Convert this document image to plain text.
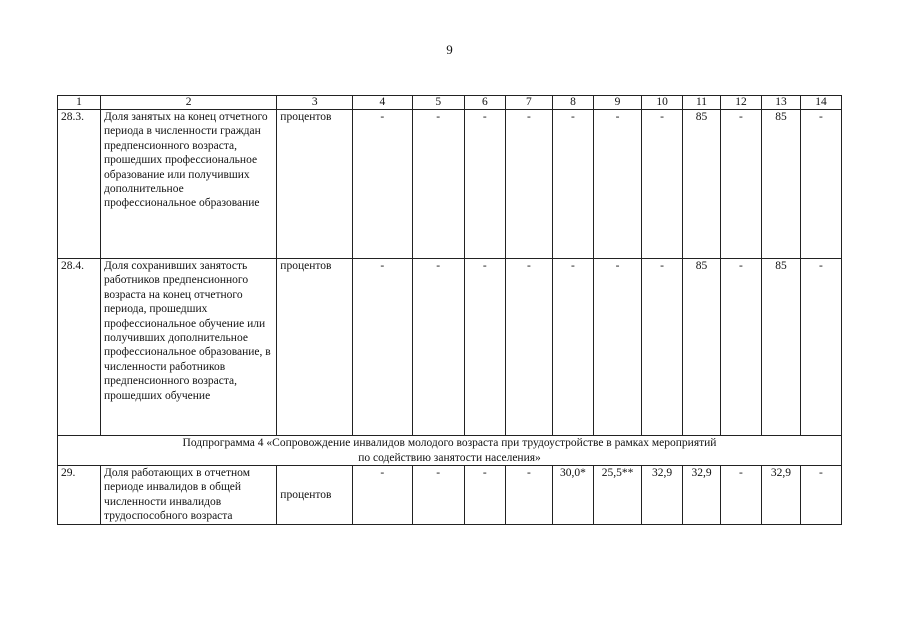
9
1	2	3	4	5	6	7	8	9	10	11	12	13	14
28.3.	Доля занятых на конец отчетного периода в численности граждан предпенсионного возраста, прошедших профессиональное образование или получивших дополнительное профессиональное образование	процентов	-	-	-	-	-	-	-	85	-	85	-
28.4.	Доля сохранивших занятость работников предпенсионного возраста на конец отчетного периода, прошедших профессиональное обучение или получивших дополнительное профессиональное образование, в численности работников предпенсионного возраста, прошедших обучение	процентов	-	-	-	-	-	-	-	85	-	85	-
Подпрограмма 4 «Сопровождение инвалидов молодого возраста при трудоустройстве в рамках мероприятий
по содействию занятости населения»													
29.	Доля работающих в отчетном периоде инвалидов в общей численности инвалидов трудоспособного возраста	процентов	-	-	-	-	30,0*	25,5**	32,9	32,9	-	32,9	-
